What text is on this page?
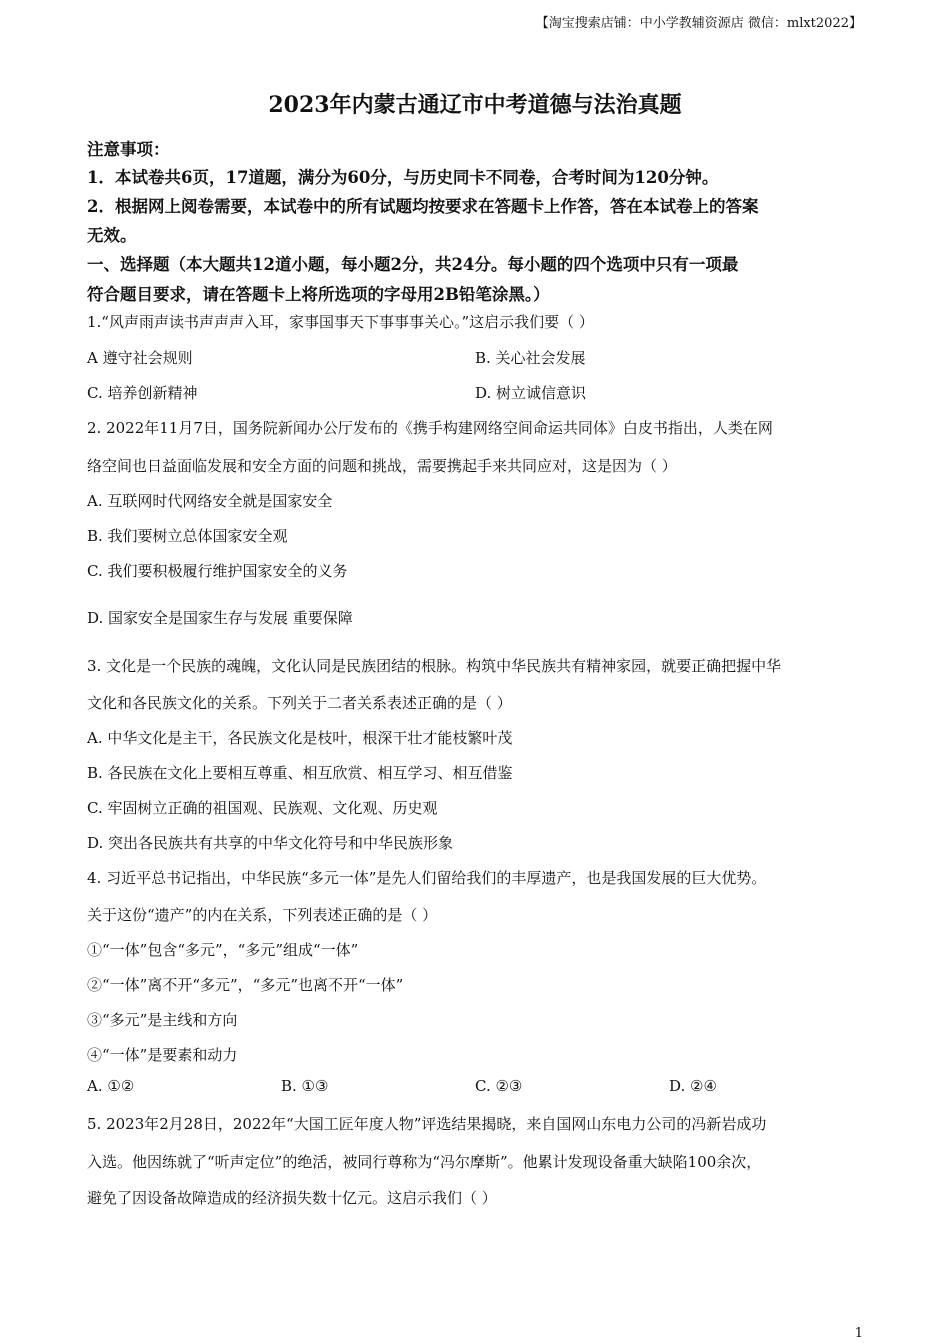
【淘宝搜索店铺：中小学教辅资源店 微信：mlxt2022】
2023年内蒙古通辽市中考道德与法治真题
注意事项：
1．本试卷共6页，17道题，满分为60分，与历史同卡不同卷，合考时间为120分钟。
2．根据网上阅卷需要，本试卷中的所有试题均按要求在答题卡上作答，答在本试卷上的答案
无效。
一、选择题（本大题共12道小题，每小题2分，共24分。每小题的四个选项中只有一项最
符合题目要求，请在答题卡上将所选项的字母用2B铅笔涂黑。）
1.“风声雨声读书声声声入耳，家事国事天下事事事关心。”这启示我们要（ ）
A 遵守社会规则	B. 关心社会发展
C. 培养创新精神	D. 树立诚信意识
2. 2022年11月7日，国务院新闻办公厅发布的《携手构建网络空间命运共同体》白皮书指出，人类在网
络空间也日益面临发展和安全方面的问题和挑战，需要携起手来共同应对，这是因为（ ）
A. 互联网时代网络安全就是国家安全
B. 我们要树立总体国家安全观
C. 我们要积极履行维护国家安全的义务
D. 国家安全是国家生存与发展 重要保障
3. 文化是一个民族的魂魄，文化认同是民族团结的根脉。构筑中华民族共有精神家园，就要正确把握中华
文化和各民族文化的关系。下列关于二者关系表述正确的是（ ）
A. 中华文化是主干，各民族文化是枝叶，根深干壮才能枝繁叶茂
B. 各民族在文化上要相互尊重、相互欣赏、相互学习、相互借鉴
C. 牢固树立正确的祖国观、民族观、文化观、历史观
D. 突出各民族共有共享的中华文化符号和中华民族形象
4. 习近平总书记指出，中华民族“多元一体”是先人们留给我们的丰厚遗产，也是我国发展的巨大优势。
关于这份“遗产”的内在关系，下列表述正确的是（ ）
①“一体”包含“多元”，“多元”组成“一体”
②“一体”离不开“多元”，“多元”也离不开“一体”
③“多元”是主线和方向
④“一体”是要素和动力
A. ①②	B. ①③	C. ②③	D. ②④
5. 2023年2月28日，2022年“大国工匠年度人物”评选结果揭晓，来自国网山东电力公司的冯新岩成功
入选。他因练就了“听声定位”的绝活，被同行尊称为“冯尔摩斯”。他累计发现设备重大缺陷100余次，
避免了因设备故障造成的经济损失数十亿元。这启示我们（ ）
1
